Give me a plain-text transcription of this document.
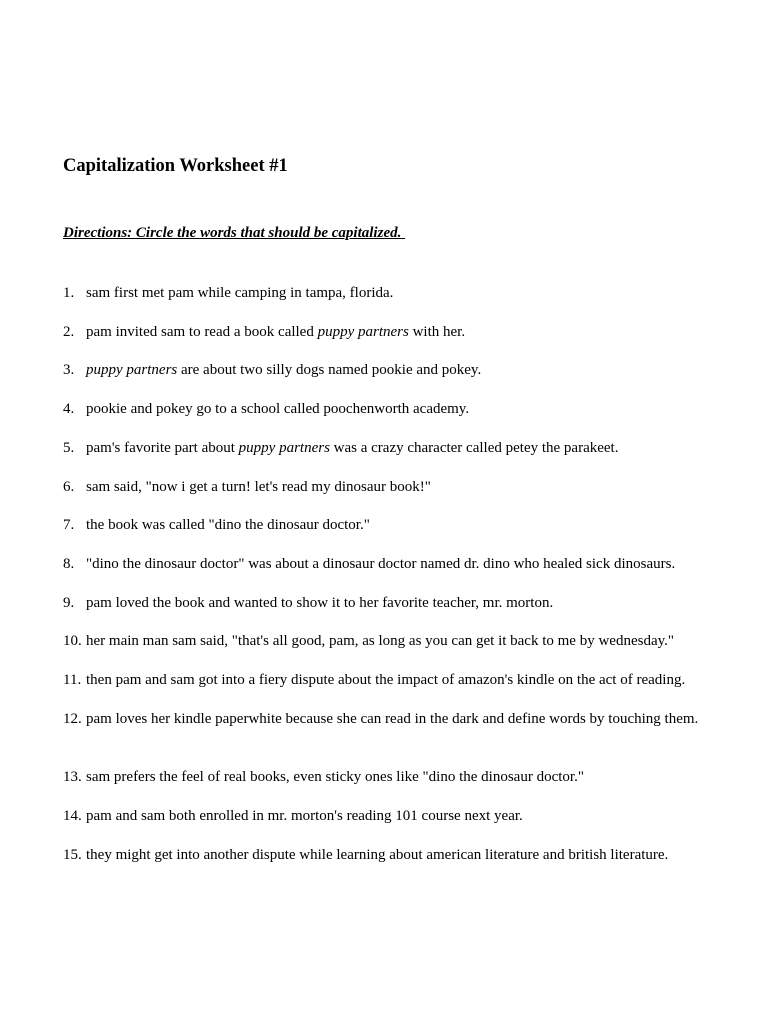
Capitalization Worksheet #1

Directions: Circle the words that should be capitalized.

1. sam first met pam while camping in tampa, florida.
2. pam invited sam to read a book called puppy partners with her.
3. puppy partners are about two silly dogs named pookie and pokey.
4. pookie and pokey go to a school called poochenworth academy.
5. pam's favorite part about puppy partners was a crazy character called petey the parakeet.
6. sam said, "now i get a turn! let's read my dinosaur book!"
7. the book was called "dino the dinosaur doctor."
8. "dino the dinosaur doctor" was about a dinosaur doctor named dr. dino who healed sick dinosaurs.
9. pam loved the book and wanted to show it to her favorite teacher, mr. morton.
10. her main man sam said, "that's all good, pam, as long as you can get it back to me by wednesday."
11. then pam and sam got into a fiery dispute about the impact of amazon's kindle on the act of reading.
12. pam loves her kindle paperwhite because she can read in the dark and define words by touching them.
13. sam prefers the feel of real books, even sticky ones like "dino the dinosaur doctor."
14. pam and sam both enrolled in mr. morton's reading 101 course next year.
15. they might get into another dispute while learning about american literature and british literature.
